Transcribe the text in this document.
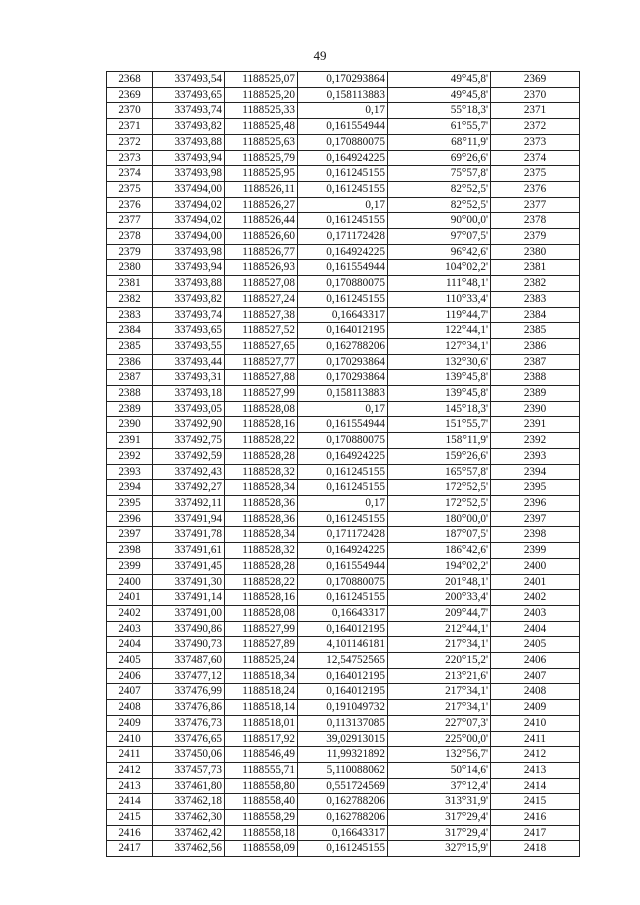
49
2368	337493,54	1188525,07	0,170293864	49°45,8'	2369
2369	337493,65	1188525,20	0,158113883	49°45,8'	2370
2370	337493,74	1188525,33	0,17	55°18,3'	2371
2371	337493,82	1188525,48	0,161554944	61°55,7'	2372
2372	337493,88	1188525,63	0,170880075	68°11,9'	2373
2373	337493,94	1188525,79	0,164924225	69°26,6'	2374
2374	337493,98	1188525,95	0,161245155	75°57,8'	2375
2375	337494,00	1188526,11	0,161245155	82°52,5'	2376
2376	337494,02	1188526,27	0,17	82°52,5'	2377
2377	337494,02	1188526,44	0,161245155	90°00,0'	2378
2378	337494,00	1188526,60	0,171172428	97°07,5'	2379
2379	337493,98	1188526,77	0,164924225	96°42,6'	2380
2380	337493,94	1188526,93	0,161554944	104°02,2'	2381
2381	337493,88	1188527,08	0,170880075	111°48,1'	2382
2382	337493,82	1188527,24	0,161245155	110°33,4'	2383
2383	337493,74	1188527,38	0,16643317	119°44,7'	2384
2384	337493,65	1188527,52	0,164012195	122°44,1'	2385
2385	337493,55	1188527,65	0,162788206	127°34,1'	2386
2386	337493,44	1188527,77	0,170293864	132°30,6'	2387
2387	337493,31	1188527,88	0,170293864	139°45,8'	2388
2388	337493,18	1188527,99	0,158113883	139°45,8'	2389
2389	337493,05	1188528,08	0,17	145°18,3'	2390
2390	337492,90	1188528,16	0,161554944	151°55,7'	2391
2391	337492,75	1188528,22	0,170880075	158°11,9'	2392
2392	337492,59	1188528,28	0,164924225	159°26,6'	2393
2393	337492,43	1188528,32	0,161245155	165°57,8'	2394
2394	337492,27	1188528,34	0,161245155	172°52,5'	2395
2395	337492,11	1188528,36	0,17	172°52,5'	2396
2396	337491,94	1188528,36	0,161245155	180°00,0'	2397
2397	337491,78	1188528,34	0,171172428	187°07,5'	2398
2398	337491,61	1188528,32	0,164924225	186°42,6'	2399
2399	337491,45	1188528,28	0,161554944	194°02,2'	2400
2400	337491,30	1188528,22	0,170880075	201°48,1'	2401
2401	337491,14	1188528,16	0,161245155	200°33,4'	2402
2402	337491,00	1188528,08	0,16643317	209°44,7'	2403
2403	337490,86	1188527,99	0,164012195	212°44,1'	2404
2404	337490,73	1188527,89	4,101146181	217°34,1'	2405
2405	337487,60	1188525,24	12,54752565	220°15,2'	2406
2406	337477,12	1188518,34	0,164012195	213°21,6'	2407
2407	337476,99	1188518,24	0,164012195	217°34,1'	2408
2408	337476,86	1188518,14	0,191049732	217°34,1'	2409
2409	337476,73	1188518,01	0,113137085	227°07,3'	2410
2410	337476,65	1188517,92	39,02913015	225°00,0'	2411
2411	337450,06	1188546,49	11,99321892	132°56,7'	2412
2412	337457,73	1188555,71	5,110088062	50°14,6'	2413
2413	337461,80	1188558,80	0,551724569	37°12,4'	2414
2414	337462,18	1188558,40	0,162788206	313°31,9'	2415
2415	337462,30	1188558,29	0,162788206	317°29,4'	2416
2416	337462,42	1188558,18	0,16643317	317°29,4'	2417
2417	337462,56	1188558,09	0,161245155	327°15,9'	2418
